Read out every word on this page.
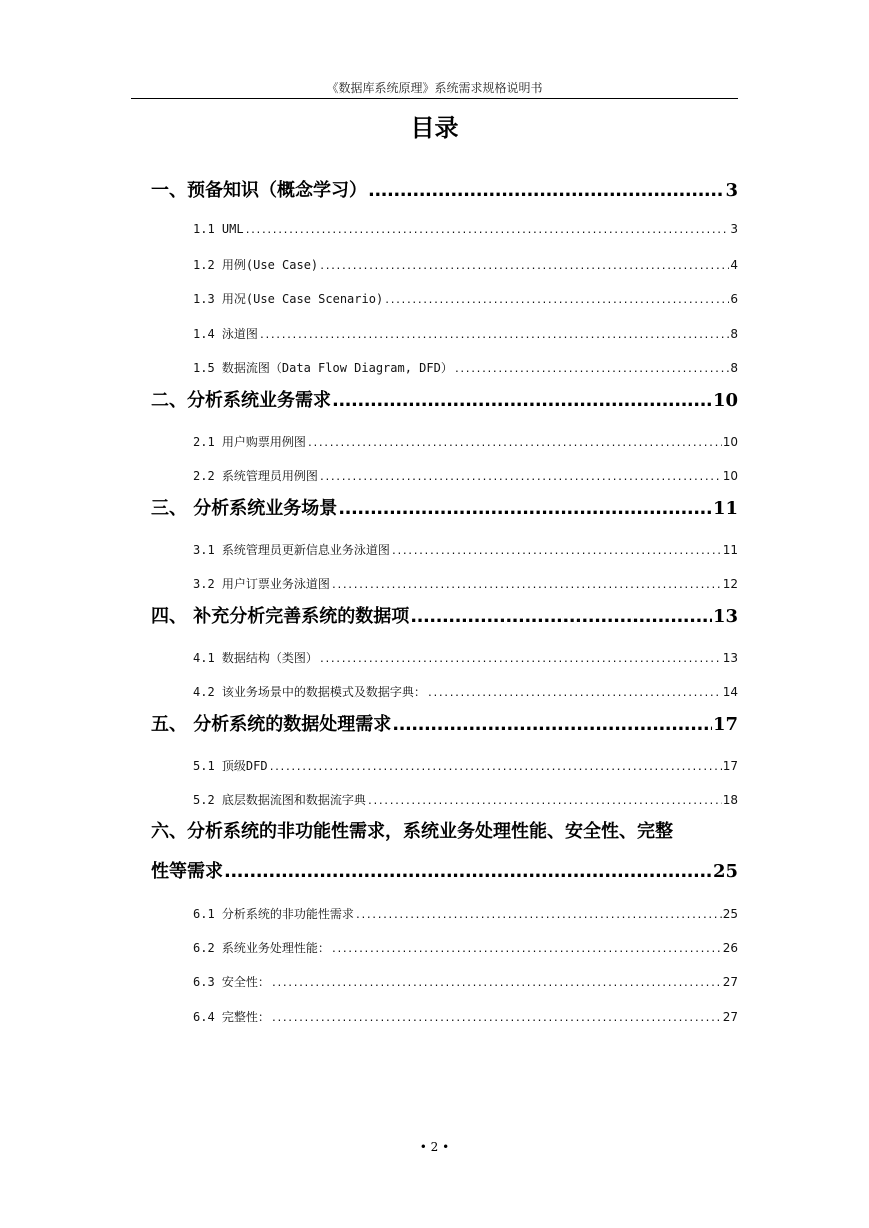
《数据库系统原理》系统需求规格说明书
目录
一、预备知识（概念学习） .....	3
1.1 UML .....	3
1.2 用例(Use Case) .....	4
1.3 用况(Use Case Scenario) .....	6
1.4 泳道图 .....	8
1.5 数据流图（Data Flow Diagram, DFD） .....	8
二、分析系统业务需求 .....	10
2.1 用户购票用例图 .....	10
2.2 系统管理员用例图 .....	10
三、 分析系统业务场景 .....	11
3.1 系统管理员更新信息业务泳道图 .....	11
3.2 用户订票业务泳道图 .....	12
四、 补充分析完善系统的数据项 .....	13
4.1 数据结构（类图） .....	13
4.2 该业务场景中的数据模式及数据字典： .....	14
五、 分析系统的数据处理需求 .....	17
5.1 顶级DFD .....	17
5.2 底层数据流图和数据流字典 .....	18
六、分析系统的非功能性需求，系统业务处理性能、安全性、完整
性等需求 .....	25
6.1 分析系统的非功能性需求 .....	25
6.2 系统业务处理性能： .....	26
6.3 安全性： .....	27
6.4 完整性： .....	27
• 2 •
